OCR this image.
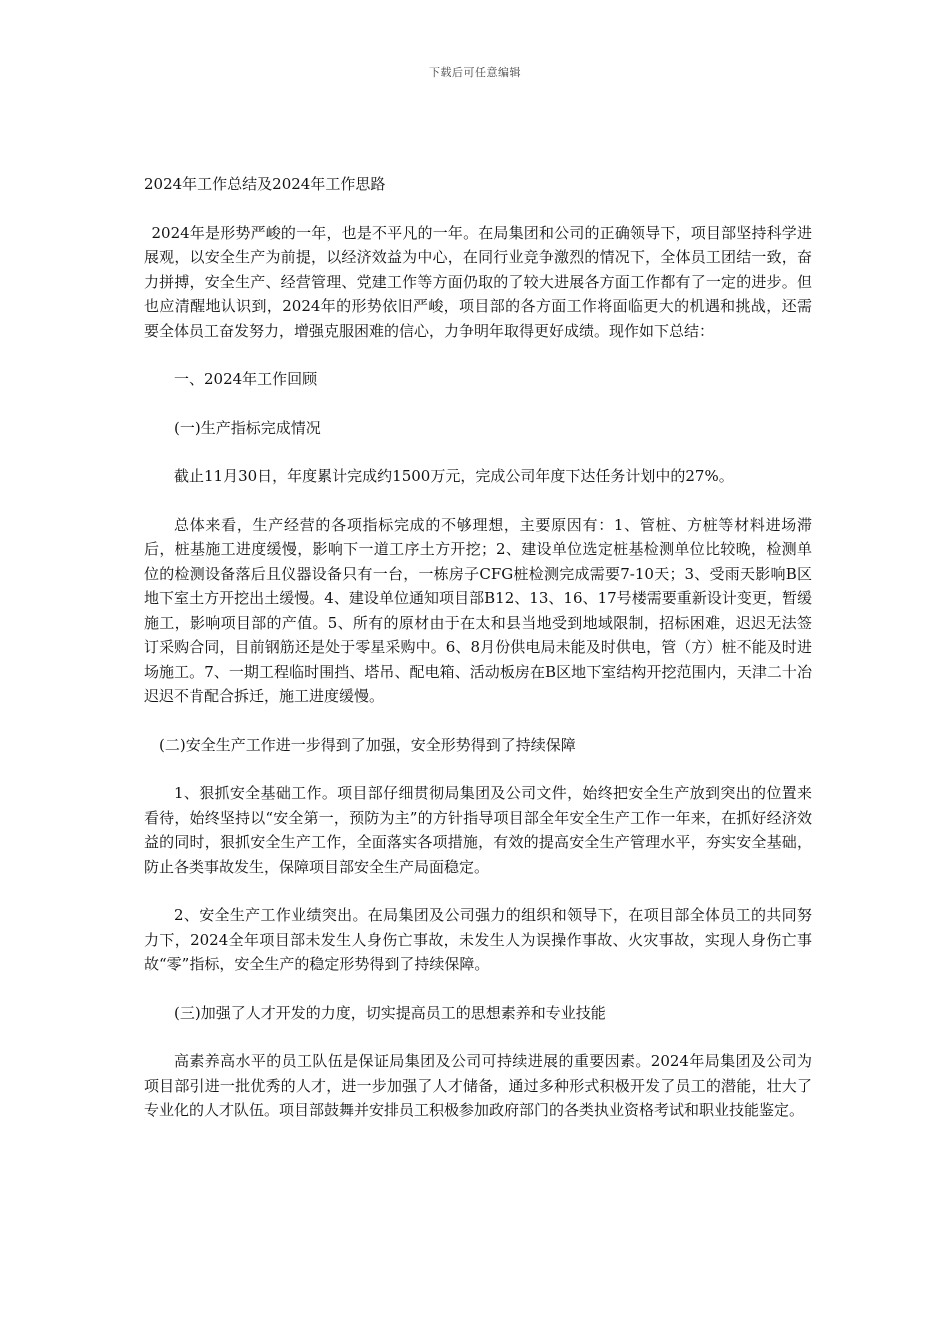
下载后可任意编辑
2024年工作总结及2024年工作思路

2024年是形势严峻的一年，也是不平凡的一年。在局集团和公司的正确领导下，项目部坚持科学进展观，以安全生产为前提，以经济效益为中心，在同行业竞争激烈的情况下，全体员工团结一致，奋力拼搏，安全生产、经营管理、党建工作等方面仍取的了较大进展各方面工作都有了一定的进步。但也应清醒地认识到，2024年的形势依旧严峻，项目部的各方面工作将面临更大的机遇和挑战，还需要全体员工奋发努力，增强克服困难的信心，力争明年取得更好成绩。现作如下总结：

一、2024年工作回顾

(一)生产指标完成情况

截止11月30日，年度累计完成约1500万元，完成公司年度下达任务计划中的27%。

总体来看，生产经营的各项指标完成的不够理想，主要原因有：1、管桩、方桩等材料进场滞后，桩基施工进度缓慢，影响下一道工序土方开挖；2、建设单位选定桩基检测单位比较晚，检测单位的检测设备落后且仪器设备只有一台，一栋房子CFG桩检测完成需要7-10天；3、受雨天影响B区地下室土方开挖出土缓慢。4、建设单位通知项目部B12、13、16、17号楼需要重新设计变更，暂缓施工，影响项目部的产值。5、所有的原材由于在太和县当地受到地域限制，招标困难，迟迟无法签订采购合同，目前钢筋还是处于零星采购中。6、8月份供电局未能及时供电，管（方）桩不能及时进场施工。7、一期工程临时围挡、塔吊、配电箱、活动板房在B区地下室结构开挖范围内，天津二十冶迟迟不肯配合拆迁，施工进度缓慢。

(二)安全生产工作进一步得到了加强，安全形势得到了持续保障

1、狠抓安全基础工作。项目部仔细贯彻局集团及公司文件，始终把安全生产放到突出的位置来看待，始终坚持以“安全第一，预防为主”的方针指导项目部全年安全生产工作一年来，在抓好经济效益的同时，狠抓安全生产工作，全面落实各项措施，有效的提高安全生产管理水平，夯实安全基础，防止各类事故发生，保障项目部安全生产局面稳定。

2、安全生产工作业绩突出。在局集团及公司强力的组织和领导下，在项目部全体员工的共同努力下，2024全年项目部未发生人身伤亡事故，未发生人为误操作事故、火灾事故，实现人身伤亡事故“零”指标，安全生产的稳定形势得到了持续保障。

(三)加强了人才开发的力度，切实提高员工的思想素养和专业技能

高素养高水平的员工队伍是保证局集团及公司可持续进展的重要因素。2024年局集团及公司为项目部引进一批优秀的人才，进一步加强了人才储备，通过多种形式积极开发了员工的潜能，壮大了专业化的人才队伍。项目部鼓舞并安排员工积极参加政府部门的各类执业资格考试和职业技能鉴定。
